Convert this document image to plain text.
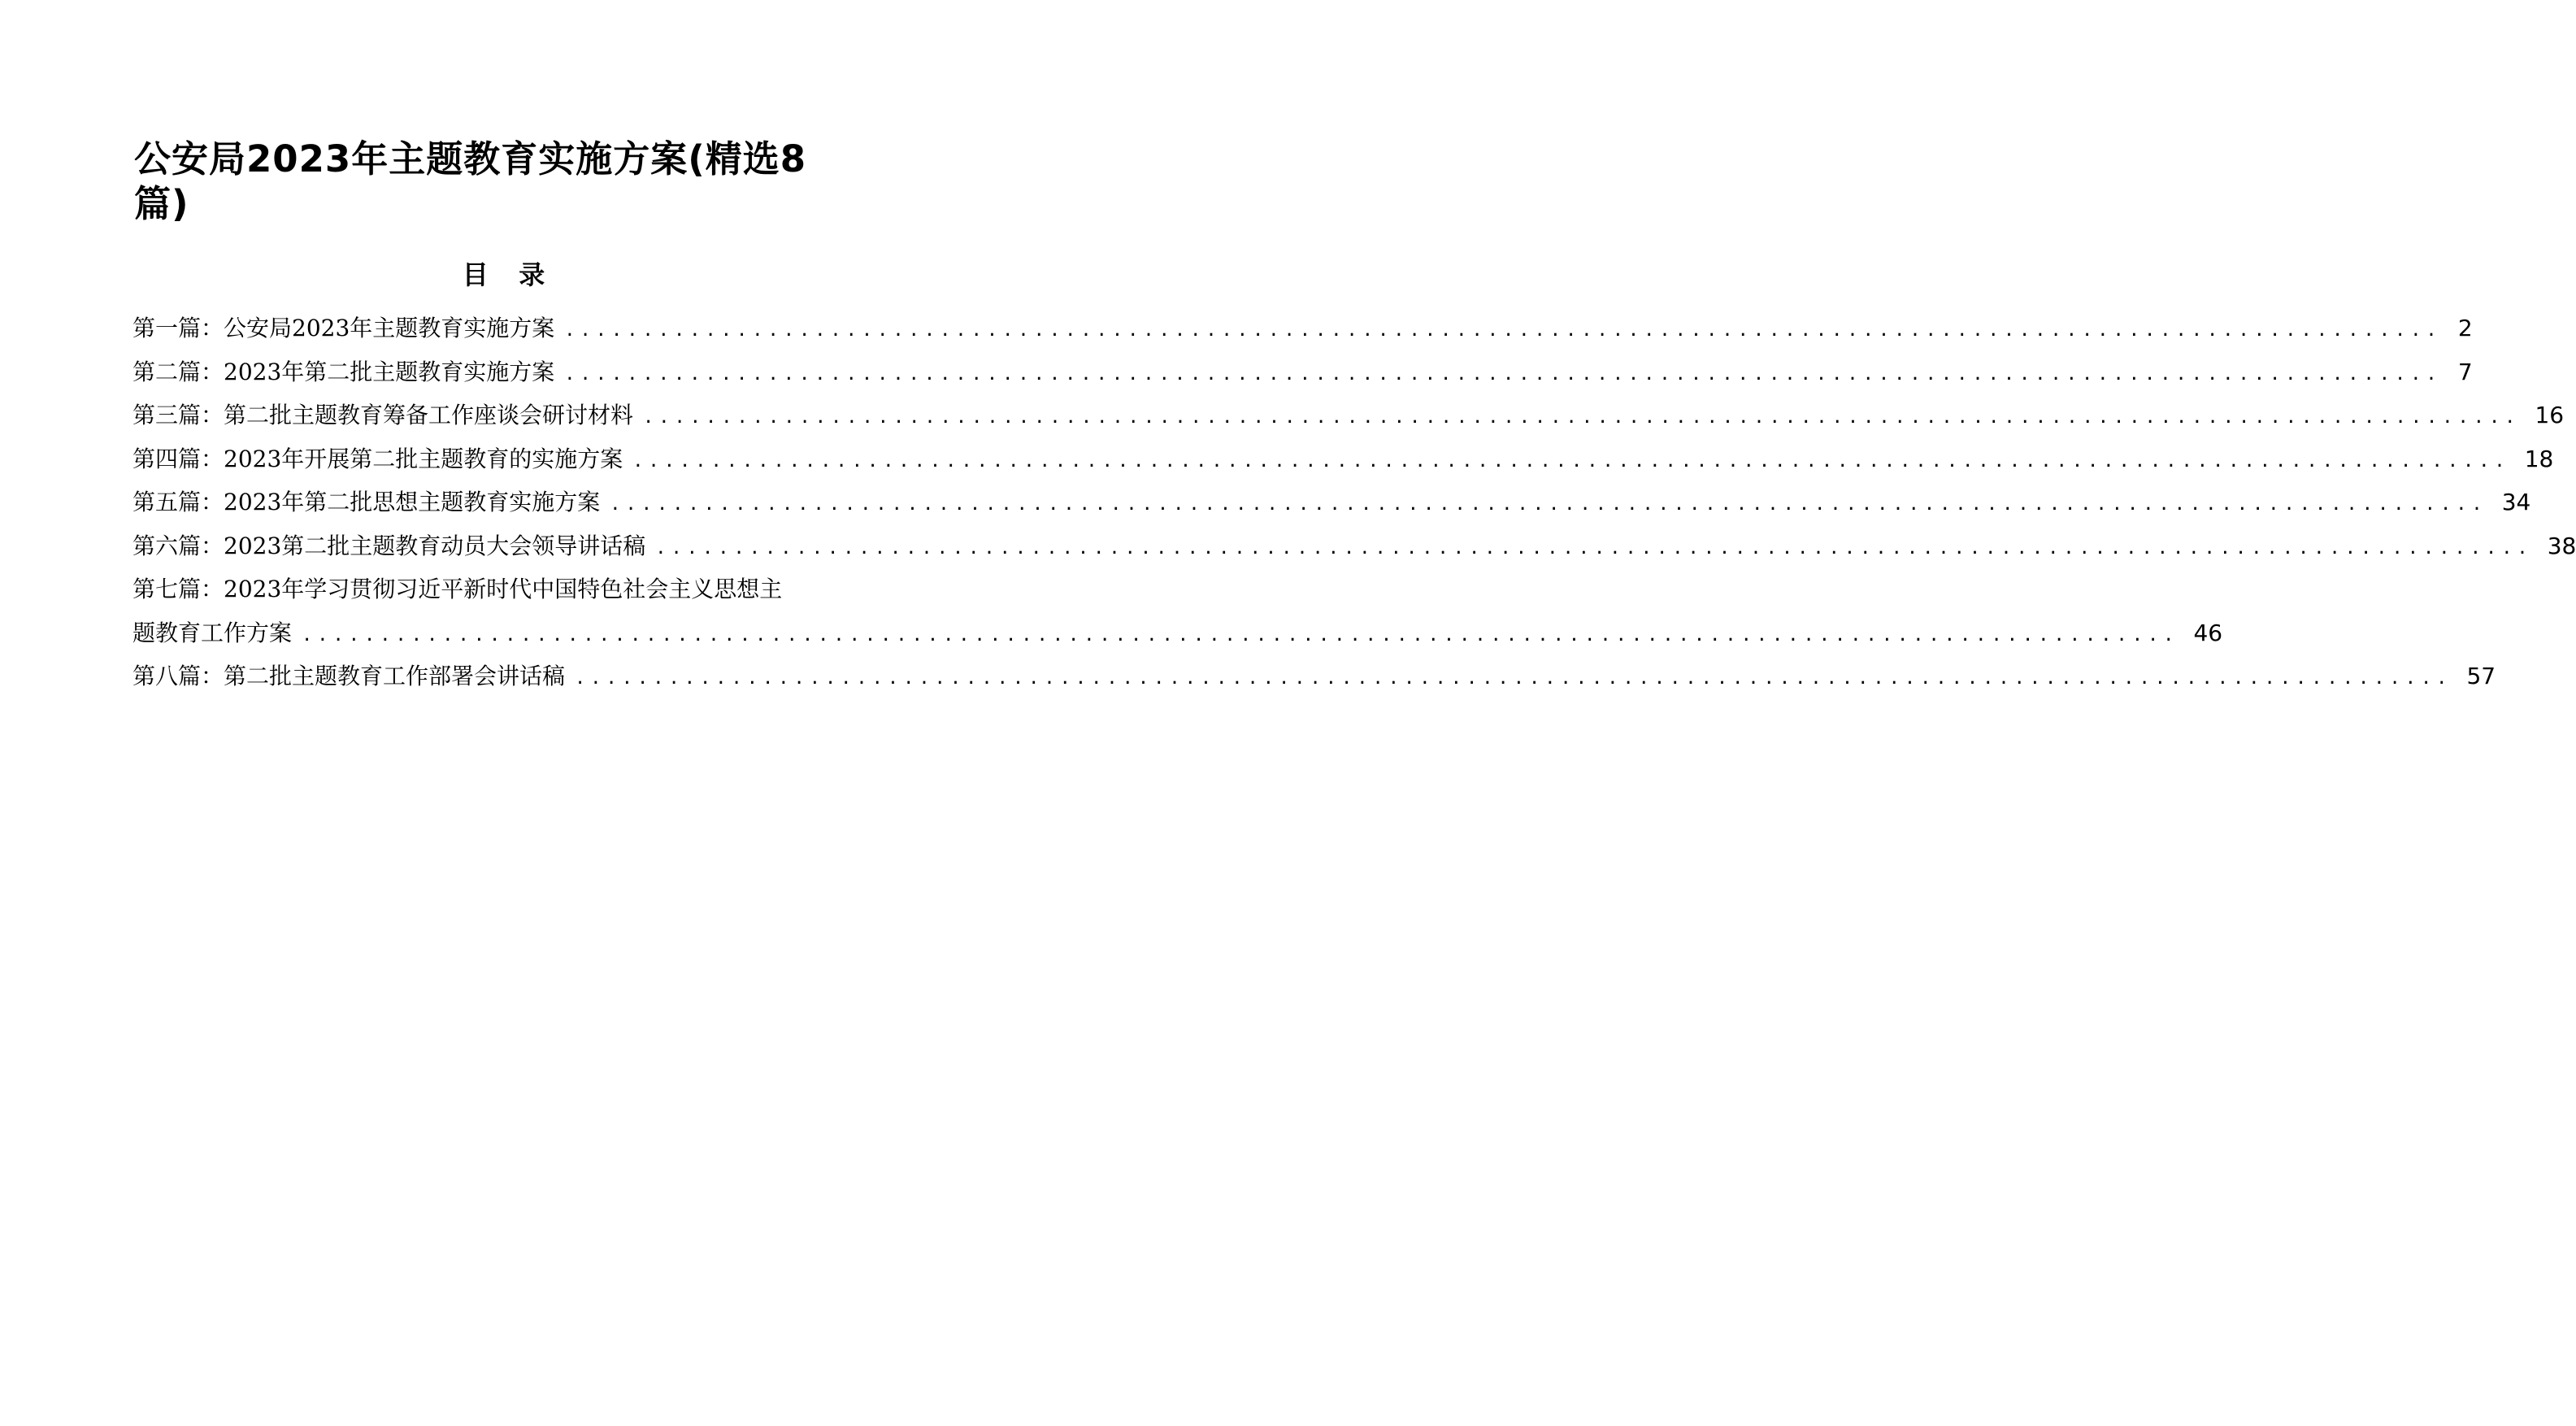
公安局2023年主题教育实施方案(精选8
篇)
目   录
第一篇：公安局2023年主题教育实施方案 ........................................................................................................................ 2
第二篇：2023年第二批主题教育实施方案 ........................................................................................................................ 7
第三篇：第二批主题教育筹备工作座谈会研讨材料 ........................................................................................................................ 16
第四篇：2023年开展第二批主题教育的实施方案 ........................................................................................................................ 18
第五篇：2023年第二批思想主题教育实施方案 ........................................................................................................................ 34
第六篇：2023第二批主题教育动员大会领导讲话稿 ........................................................................................................................ 38
第七篇：2023年学习贯彻习近平新时代中国特色社会主义思想主
题教育工作方案 ........................................................................................................................ 46
第八篇：第二批主题教育工作部署会讲话稿 ........................................................................................................................ 57
